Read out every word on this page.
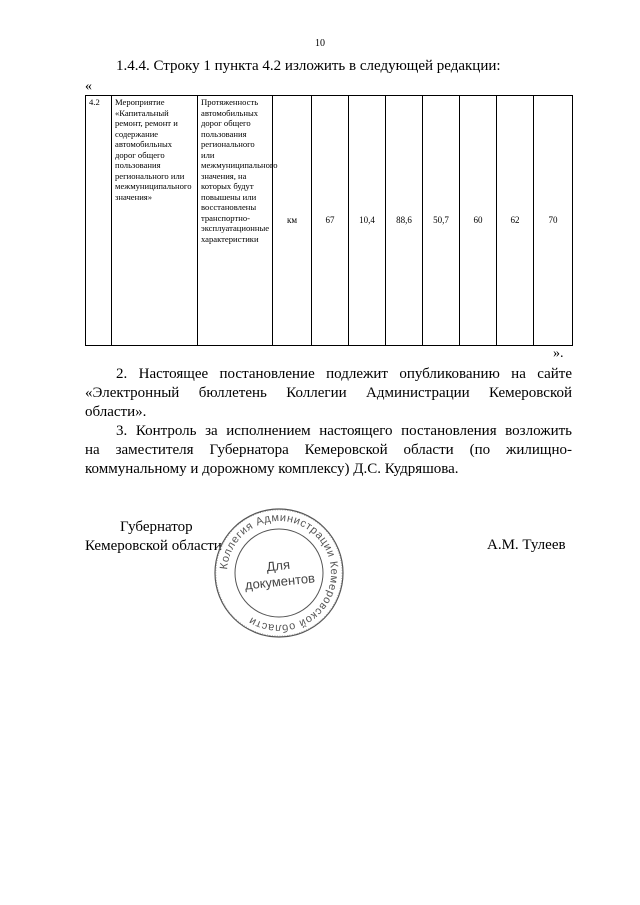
10
1.4.4. Строку 1 пункта 4.2 изложить в следующей редакции:
«
4.2	Мероприятие «Капитальный ремонт, ремонт и содержание автомобильных дорог общего пользования регионального или межмуниципального значения»	Протяженность автомобильных дорог общего пользования регионального или межмуниципального значения, на которых будут повышены или восстановлены транспортно-эксплуатационные характеристики	км	67	10,4	88,6	50,7	60	62	70
».
2. Настоящее постановление подлежит опубликованию на сайте
«Электронный бюллетень Коллегии Администрации Кемеровской
области».
3. Контроль за исполнением настоящего постановления возложить
на заместителя Губернатора Кемеровской области (по жилищно-
коммунальному и дорожному комплексу) Д.С. Кудряшова.
Губернатор
Кемеровской области	А.М. Тулеев
Коллегия Администрации Кемеровской области
Для
документов
